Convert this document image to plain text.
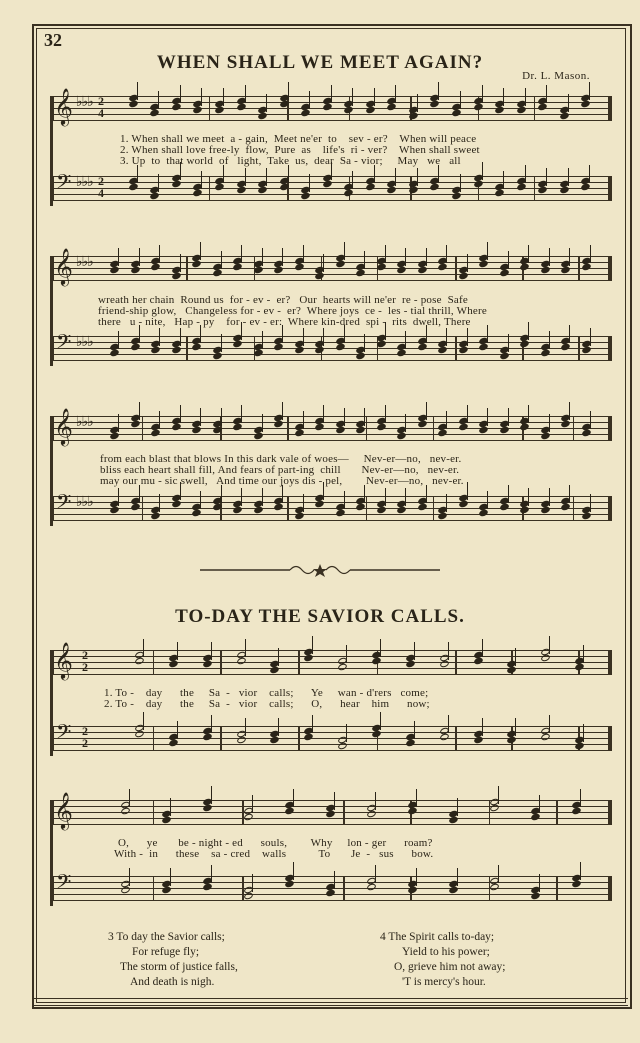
32
WHEN SHALL WE MEET AGAIN?
Dr. L. Mason.
𝄞 ♭♭♭ 2
4
𝄢 ♭♭♭ 2
4
𝄞 ♭♭♭
𝄢 ♭♭♭
𝄞 ♭♭♭
𝄢 ♭♭♭
𝄞 2
2
𝄢 2
2
𝄞
𝄢
1. When shall we meet  a - gain,  Meet ne'er  to    sev - er?    When will peace
2. When shall love free-ly  flow,  Pure  as    life's  ri - ver?    When shall sweet
3. Up  to  that world  of   light,  Take  us,  dear  Sa - vior;     May   we   all
wreath her chain  Round us  for - ev -  er?   Our  hearts will ne'er  re - pose  Safe
friend-ship glow,   Changeless for - ev -  er?  Where joys  ce -  les - tial thrill, Where
there   u - nite,   Hap - py    for - ev - er:  Where kin-dred  spi -  rits  dwell, There
from each blast that blows In this dark vale of woes—     Nev-er—no,   nev-er.
bliss each heart shall fill, And fears of part-ing  chill       Nev-er—no,   nev-er.
may our mu - sic swell,   And time our joys dis - pel,        Nev-er—no,   nev-er.
TO-DAY THE SAVIOR CALLS.
1. To -    day      the     Sa  -   vior    calls;      Ye     wan - d'rers   come;
2. To -    day      the     Sa  -   vior    calls;      O,      hear    him      now;
O,      ye       be - night - ed      souls,        Why     lon - ger      roam?
With -  in      these    sa - cred    walls           To       Je  -   sus      bow.
3 To day the Savior calls;
For refuge fly;
The storm of justice falls,
And death is nigh.
4 The Spirit calls to-day;
Yield to his power;
O, grieve him not away;
'T is mercy's hour.
